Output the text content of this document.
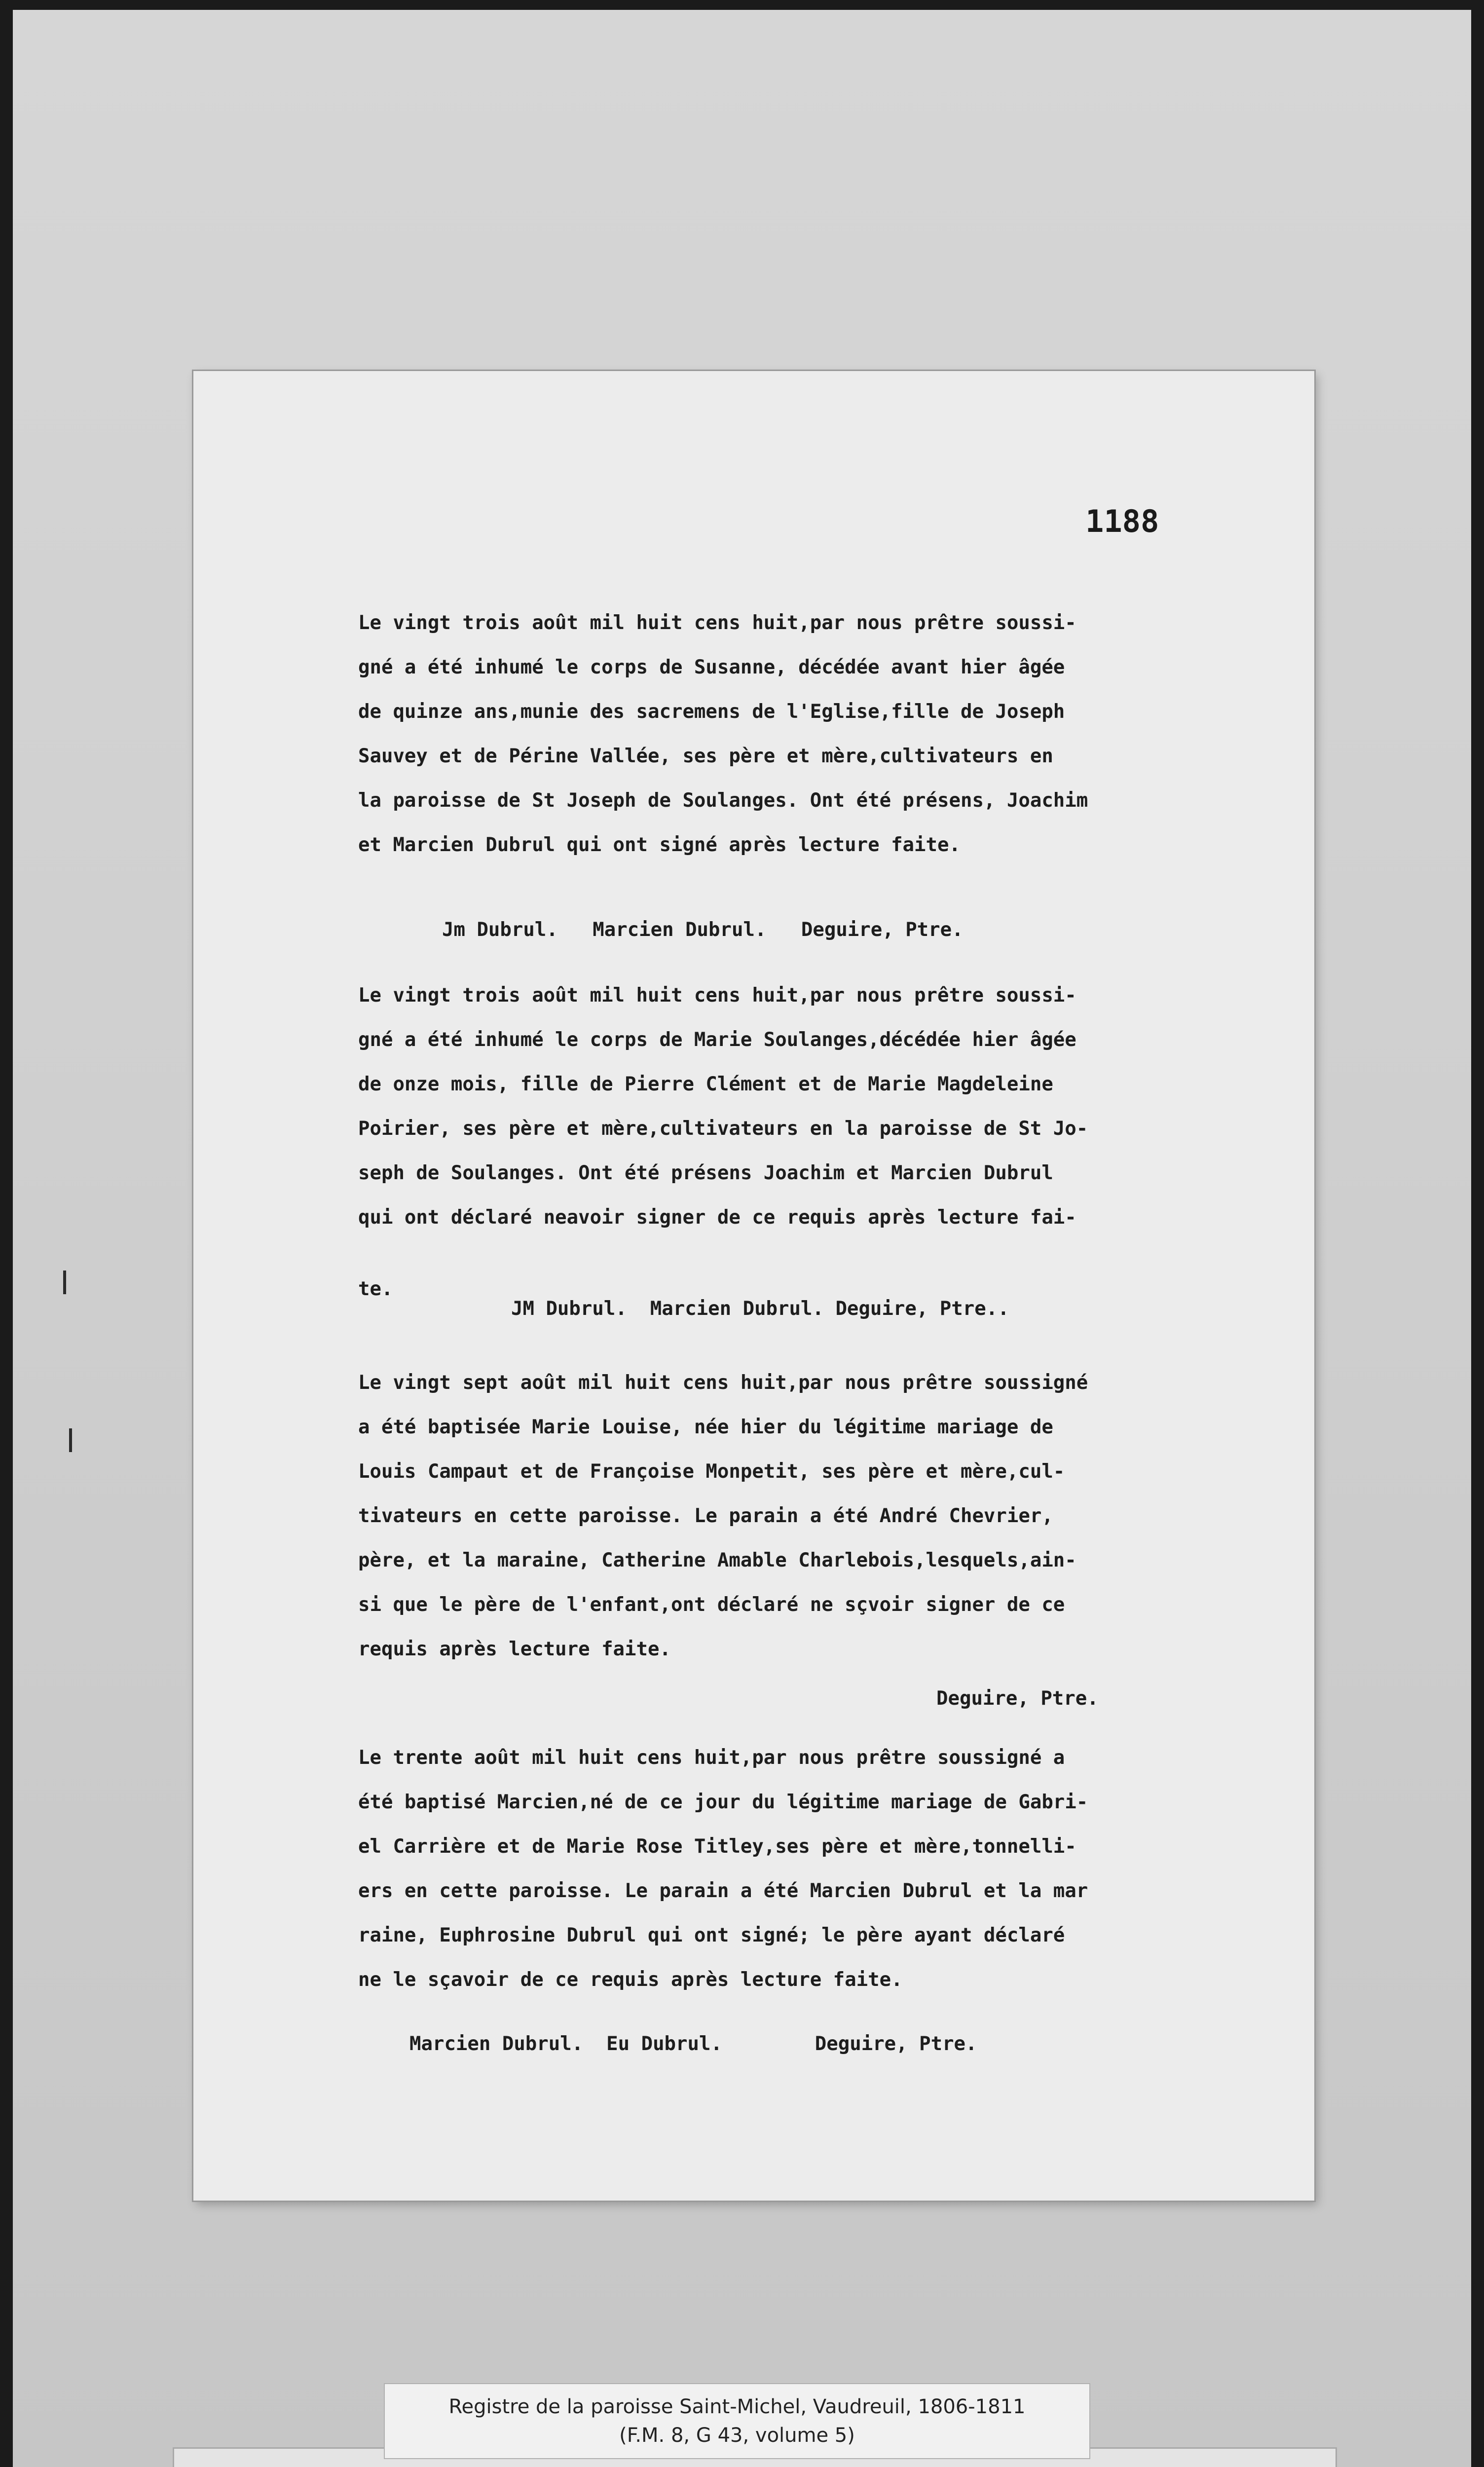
1188
Le vingt trois août mil huit cens huit,par nous prêtre soussi-
gné a été inhumé le corps de Susanne, décédée avant hier âgée
de quinze ans,munie des sacremens de l'Eglise,fille de Joseph
Sauvey et de Périne Vallée, ses père et mère,cultivateurs en
la paroisse de St Joseph de Soulanges. Ont été présens, Joachim
et Marcien Dubrul qui ont signé après lecture faite.
Jm Dubrul.   Marcien Dubrul.   Deguire, Ptre.
Le vingt trois août mil huit cens huit,par nous prêtre soussi-
gné a été inhumé le corps de Marie Soulanges,décédée hier âgée
de onze mois, fille de Pierre Clément et de Marie Magdeleine
Poirier, ses père et mère,cultivateurs en la paroisse de St Jo-
seph de Soulanges. Ont été présens Joachim et Marcien Dubrul
qui ont déclaré neavoir signer de ce requis après lecture fai-
te.
JM Dubrul.  Marcien Dubrul. Deguire, Ptre..
Le vingt sept août mil huit cens huit,par nous prêtre soussigné
a été baptisée Marie Louise, née hier du légitime mariage de
Louis Campaut et de Françoise Monpetit, ses père et mère,cul-
tivateurs en cette paroisse. Le parain a été André Chevrier,
père, et la maraine, Catherine Amable Charlebois,lesquels,ain-
si que le père de l'enfant,ont déclaré ne sçvoir signer de ce
requis après lecture faite.
Deguire, Ptre.
Le trente août mil huit cens huit,par nous prêtre soussigné a
été baptisé Marcien,né de ce jour du légitime mariage de Gabri-
el Carrière et de Marie Rose Titley,ses père et mère,tonnelli-
ers en cette paroisse. Le parain a été Marcien Dubrul et la mar
raine, Euphrosine Dubrul qui ont signé; le père ayant déclaré
ne le sçavoir de ce requis après lecture faite.
Marcien Dubrul.  Eu Dubrul.        Deguire, Ptre.
Registre de la paroisse Saint-Michel, Vaudreuil, 1806-1811
(F.M. 8, G 43, volume 5)
